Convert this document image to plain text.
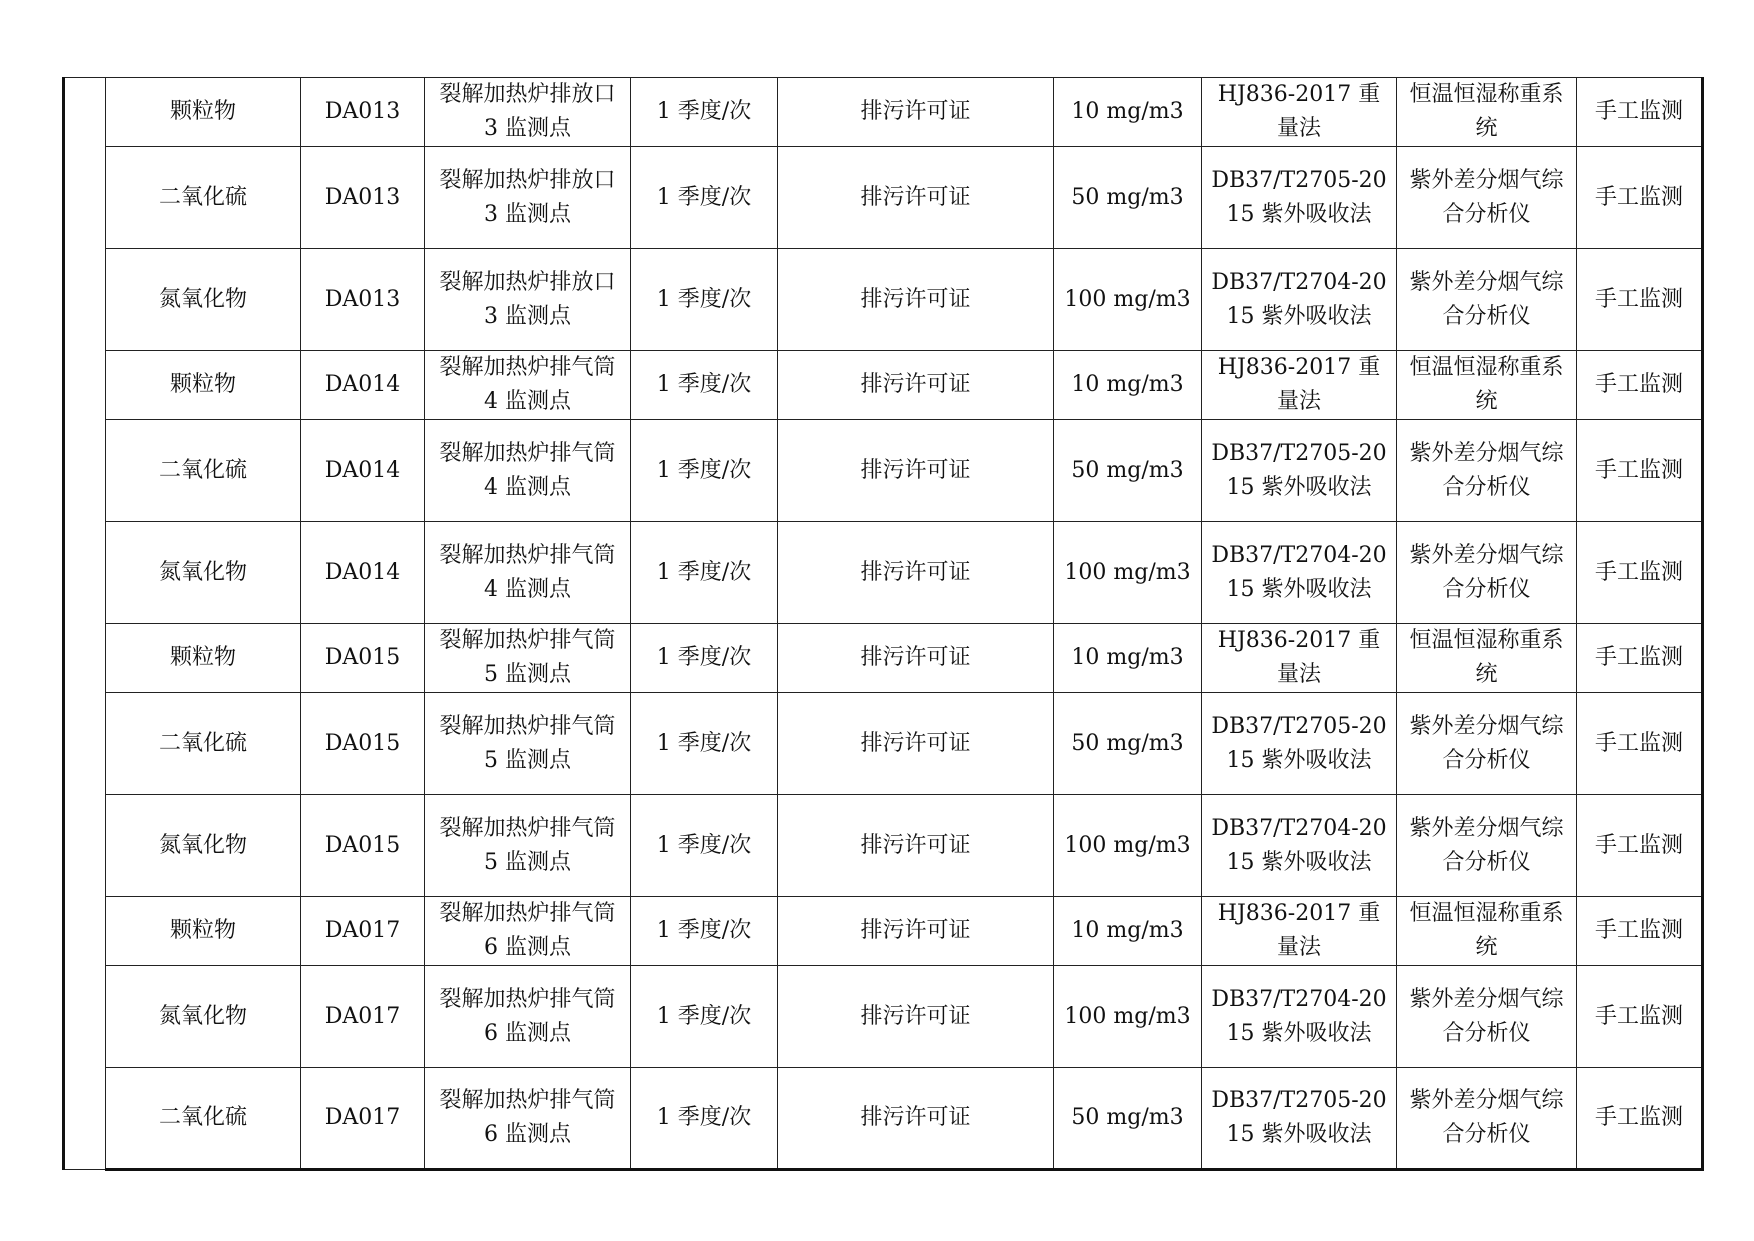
	颗粒物	DA013	裂解加热炉排放口 3 监测点	1 季度/次	排污许可证	10 mg/m3	HJ836-2017 重量法	恒温恒湿称重系统	手工监测
	二氧化硫	DA013	裂解加热炉排放口 3 监测点	1 季度/次	排污许可证	50 mg/m3	DB37/T2705-2015 紫外吸收法	紫外差分烟气综合分析仪	手工监测
	氮氧化物	DA013	裂解加热炉排放口 3 监测点	1 季度/次	排污许可证	100 mg/m3	DB37/T2704-2015 紫外吸收法	紫外差分烟气综合分析仪	手工监测
	颗粒物	DA014	裂解加热炉排气筒 4 监测点	1 季度/次	排污许可证	10 mg/m3	HJ836-2017 重量法	恒温恒湿称重系统	手工监测
	二氧化硫	DA014	裂解加热炉排气筒 4 监测点	1 季度/次	排污许可证	50 mg/m3	DB37/T2705-2015 紫外吸收法	紫外差分烟气综合分析仪	手工监测
	氮氧化物	DA014	裂解加热炉排气筒 4 监测点	1 季度/次	排污许可证	100 mg/m3	DB37/T2704-2015 紫外吸收法	紫外差分烟气综合分析仪	手工监测
	颗粒物	DA015	裂解加热炉排气筒 5 监测点	1 季度/次	排污许可证	10 mg/m3	HJ836-2017 重量法	恒温恒湿称重系统	手工监测
	二氧化硫	DA015	裂解加热炉排气筒 5 监测点	1 季度/次	排污许可证	50 mg/m3	DB37/T2705-2015 紫外吸收法	紫外差分烟气综合分析仪	手工监测
	氮氧化物	DA015	裂解加热炉排气筒 5 监测点	1 季度/次	排污许可证	100 mg/m3	DB37/T2704-2015 紫外吸收法	紫外差分烟气综合分析仪	手工监测
	颗粒物	DA017	裂解加热炉排气筒 6 监测点	1 季度/次	排污许可证	10 mg/m3	HJ836-2017 重量法	恒温恒湿称重系统	手工监测
	氮氧化物	DA017	裂解加热炉排气筒 6 监测点	1 季度/次	排污许可证	100 mg/m3	DB37/T2704-2015 紫外吸收法	紫外差分烟气综合分析仪	手工监测
	二氧化硫	DA017	裂解加热炉排气筒 6 监测点	1 季度/次	排污许可证	50 mg/m3	DB37/T2705-2015 紫外吸收法	紫外差分烟气综合分析仪	手工监测
